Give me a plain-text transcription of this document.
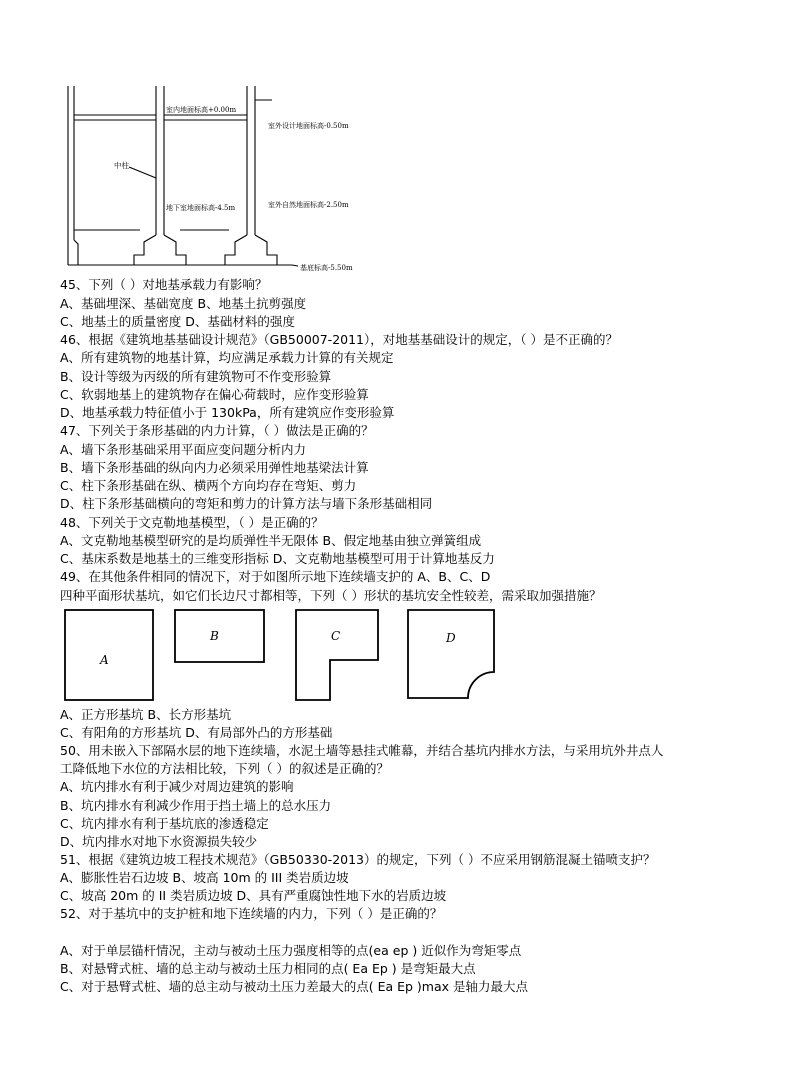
室内地面标高+0.00m
室外设计地面标高-0.50m
中柱
地下室地面标高-4.5m	室外自然地面标高-2.50m
基底标高-5.50m
45、下列（ ）对地基承载力有影响？
A、基础埋深、基础宽度 B、地基土抗剪强度
C、地基土的质量密度 D、基础材料的强度
46、根据《建筑地基基础设计规范》（GB50007-2011），对地基基础设计的规定，（ ）是不正确的？
A、所有建筑物的地基计算，均应满足承载力计算的有关规定
B、设计等级为丙级的所有建筑物可不作变形验算
C、软弱地基上的建筑物存在偏心荷载时，应作变形验算
D、地基承载力特征值小于 130kPa，所有建筑应作变形验算
47、下列关于条形基础的内力计算，（ ）做法是正确的？
A、墙下条形基础采用平面应变问题分析内力
B、墙下条形基础的纵向内力必须采用弹性地基梁法计算
C、柱下条形基础在纵、横两个方向均存在弯矩、剪力
D、柱下条形基础横向的弯矩和剪力的计算方法与墙下条形基础相同
48、下列关于文克勒地基模型，（ ）是正确的？
A、文克勒地基模型研究的是均质弹性半无限体 B、假定地基由独立弹簧组成
C、基床系数是地基土的三维变形指标 D、文克勒地基模型可用于计算地基反力
49、在其他条件相同的情况下，对于如图所示地下连续墙支护的 A、B、C、D
四种平面形状基坑，如它们长边尺寸都相等，下列（ ）形状的基坑安全性较差，需采取加强措施？
A
B	C	D
A、正方形基坑 B、长方形基坑
C、有阳角的方形基坑 D、有局部外凸的方形基础
50、用未嵌入下部隔水层的地下连续墙，水泥土墙等悬挂式帷幕，并结合基坑内排水方法，与采用坑外井点人
工降低地下水位的方法相比较，下列（ ）的叙述是正确的？
A、坑内排水有利于减少对周边建筑的影响
B、坑内排水有利减少作用于挡土墙上的总水压力
C、坑内排水有利于基坑底的渗透稳定
D、坑内排水对地下水资源损失较少
51、根据《建筑边坡工程技术规范》（GB50330-2013）的规定，下列（ ）不应采用钢筋混凝土锚喷支护？
A、膨胀性岩石边坡 B、坡高 10m 的 III 类岩质边坡
C、坡高 20m 的 II 类岩质边坡 D、具有严重腐蚀性地下水的岩质边坡
52、对于基坑中的支护桩和地下连续墙的内力，下列（ ）是正确的？
A、对于单层锚杆情况，主动与被动土压力强度相等的点(ea ep ) 近似作为弯矩零点
B、对悬臂式桩、墙的总主动与被动土压力相同的点( Ea Ep ) 是弯矩最大点
C、对于悬臂式桩、墙的总主动与被动土压力差最大的点( Ea Ep )max 是轴力最大点
